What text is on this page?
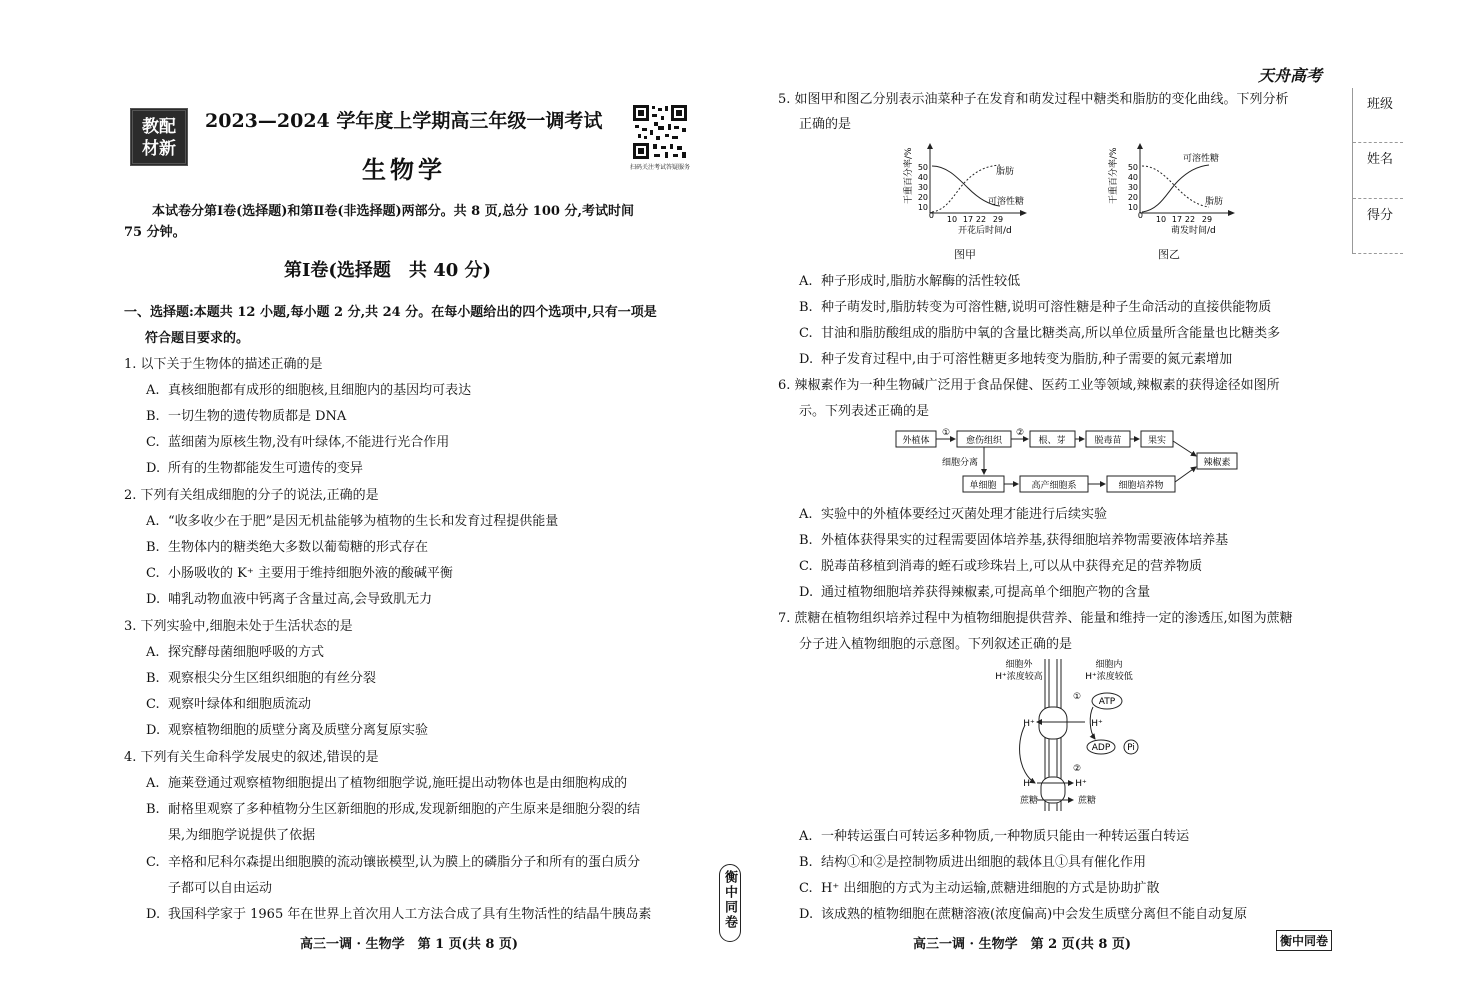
教配
材新
2023—2024 学年度上学期高三年级一调考试
生物学	扫码关注考试答疑服务
本试卷分第Ⅰ卷(选择题)和第Ⅱ卷(非选择题)两部分。共 8 页,总分 100 分,考试时间
75 分钟。
第Ⅰ卷(选择题　共 40 分)
一、选择题:本题共 12 小题,每小题 2 分,共 24 分。在每小题给出的四个选项中,只有一项是
符合题目要求的。
1. 以下关于生物体的描述正确的是
A. 真核细胞都有成形的细胞核,且细胞内的基因均可表达
B. 一切生物的遗传物质都是 DNA
C. 蓝细菌为原核生物,没有叶绿体,不能进行光合作用
D. 所有的生物都能发生可遗传的变异
2. 下列有关组成细胞的分子的说法,正确的是
A. “收多收少在于肥”是因无机盐能够为植物的生长和发育过程提供能量
B. 生物体内的糖类绝大多数以葡萄糖的形式存在
C. 小肠吸收的 K⁺ 主要用于维持细胞外液的酸碱平衡
D. 哺乳动物血液中钙离子含量过高,会导致肌无力
3. 下列实验中,细胞未处于生活状态的是
A. 探究酵母菌细胞呼吸的方式
B. 观察根尖分生区组织细胞的有丝分裂
C. 观察叶绿体和细胞质流动
D. 观察植物细胞的质壁分离及质壁分离复原实验
4. 下列有关生命科学发展史的叙述,错误的是
A. 施莱登通过观察植物细胞提出了植物细胞学说,施旺提出动物体也是由细胞构成的
B. 耐格里观察了多种植物分生区新细胞的形成,发现新细胞的产生原来是细胞分裂的结
果,为细胞学说提供了依据
C. 辛格和尼科尔森提出细胞膜的流动镶嵌模型,认为膜上的磷脂分子和所有的蛋白质分
子都可以自由运动
D. 我国科学家于 1965 年在世界上首次用人工方法合成了具有生物活性的结晶牛胰岛素
高三一调 · 生物学　第 1 页(共 8 页)
衡中同卷
天舟高考
5. 如图甲和图乙分别表示油菜种子在发育和萌发过程中糖类和脂肪的变化曲线。下列分析
正确的是
干重百分率/% 50
40
30
20
10
0
脂肪
可溶性糖
10 17 22 29
开花后时间/d
图甲
干重百分率/% 50
40
30
20
10
0
可溶性糖
脂肪
10 17 22 29
萌发时间/d
图乙
A. 种子形成时,脂肪水解酶的活性较低
B. 种子萌发时,脂肪转变为可溶性糖,说明可溶性糖是种子生命活动的直接供能物质
C. 甘油和脂肪酸组成的脂肪中氧的含量比糖类高,所以单位质量所含能量也比糖类多
D. 种子发育过程中,由于可溶性糖更多地转变为脂肪,种子需要的氮元素增加
6. 辣椒素作为一种生物碱广泛用于食品保健、医药工业等领域,辣椒素的获得途径如图所
示。下列表述正确的是
外植体	愈伤组织	根、芽	脱毒苗	果实
单细胞	高产细胞系	细胞培养物
辣椒素
①	②
细胞分离
A. 实验中的外植体要经过灭菌处理才能进行后续实验
B. 外植体获得果实的过程需要固体培养基,获得细胞培养物需要液体培养基
C. 脱毒苗移植到消毒的蛭石或珍珠岩上,可以从中获得充足的营养物质
D. 通过植物细胞培养获得辣椒素,可提高单个细胞产物的含量
7. 蔗糖在植物组织培养过程中为植物细胞提供营养、能量和维持一定的渗透压,如图为蔗糖
分子进入植物细胞的示意图。下列叙述正确的是
细胞外
H⁺浓度较高
细胞内
H⁺浓度较低
ATP
ADP Pi
①
②
H⁺	H⁺
H⁺	H⁺
蔗糖	蔗糖
A. 一种转运蛋白可转运多种物质,一种物质只能由一种转运蛋白转运
B. 结构①和②是控制物质进出细胞的载体且①具有催化作用
C. H⁺ 出细胞的方式为主动运输,蔗糖进细胞的方式是协助扩散
D. 该成熟的植物细胞在蔗糖溶液(浓度偏高)中会发生质壁分离但不能自动复原
高三一调 · 生物学　第 2 页(共 8 页)	衡中同卷
班级
姓名
得分
